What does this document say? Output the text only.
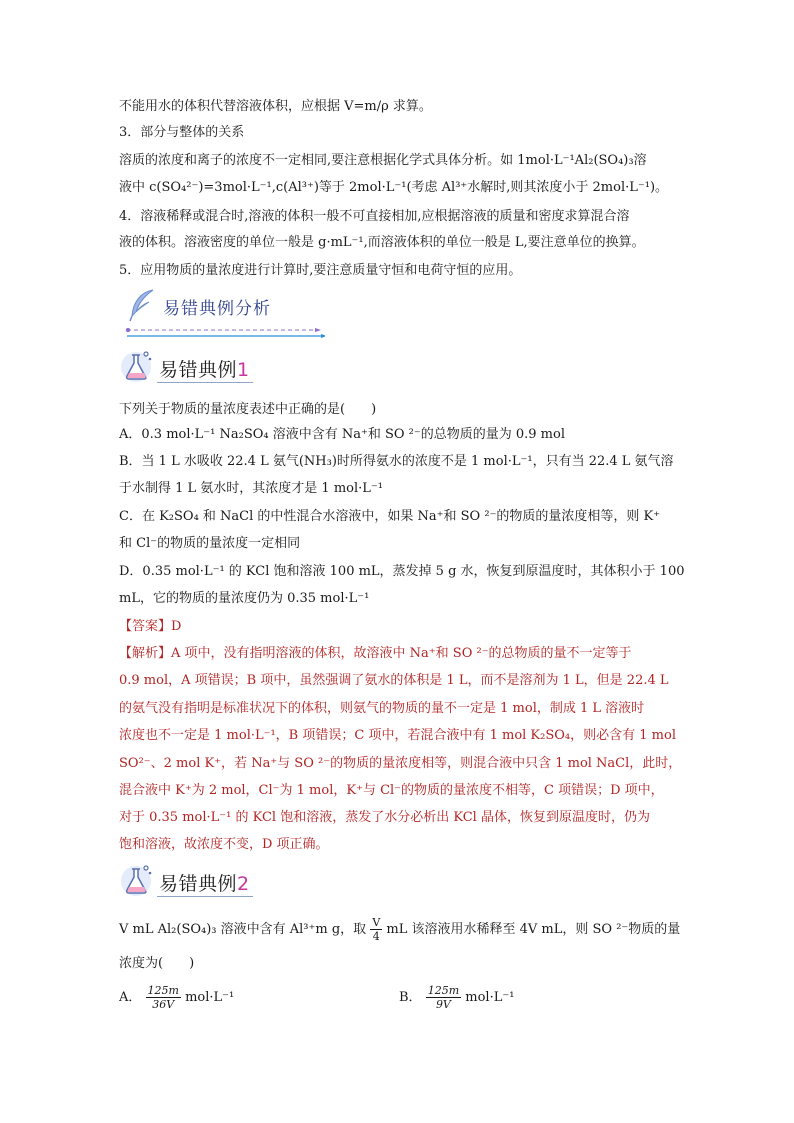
不能用水的体积代替溶液体积，应根据 V=m/ρ 求算。
3．部分与整体的关系
溶质的浓度和离子的浓度不一定相同,要注意根据化学式具体分析。如 1mol·L⁻¹Al₂(SO₄)₃溶
液中 c(SO₄²⁻)=3mol·L⁻¹,c(Al³⁺)等于 2mol·L⁻¹(考虑 Al³⁺水解时,则其浓度小于 2mol·L⁻¹)。
4．溶液稀释或混合时,溶液的体积一般不可直接相加,应根据溶液的质量和密度求算混合溶
液的体积。溶液密度的单位一般是 g·mL⁻¹,而溶液体积的单位一般是 L,要注意单位的换算。
5．应用物质的量浓度进行计算时,要注意质量守恒和电荷守恒的应用。
易错典例分析
易错典例1
下列关于物质的量浓度表述中正确的是(　　)
A．0.3 mol·L⁻¹ Na₂SO₄ 溶液中含有 Na⁺和 SO ²⁻的总物质的量为 0.9 mol
B．当 1 L 水吸收 22.4 L 氨气(NH₃)时所得氨水的浓度不是 1 mol·L⁻¹，只有当 22.4 L 氨气溶
于水制得 1 L 氨水时，其浓度才是 1 mol·L⁻¹
C．在 K₂SO₄ 和 NaCl 的中性混合水溶液中，如果 Na⁺和 SO ²⁻的物质的量浓度相等，则 K⁺
和 Cl⁻的物质的量浓度一定相同
D．0.35 mol·L⁻¹ 的 KCl 饱和溶液 100 mL，蒸发掉 5 g 水，恢复到原温度时，其体积小于 100
mL，它的物质的量浓度仍为 0.35 mol·L⁻¹
【答案】D
【解析】A 项中，没有指明溶液的体积，故溶液中 Na⁺和 SO ²⁻的总物质的量不一定等于
0.9 mol，A 项错误；B 项中，虽然强调了氨水的体积是 1 L，而不是溶剂为 1 L，但是 22.4 L
的氨气没有指明是标准状况下的体积，则氨气的物质的量不一定是 1 mol，制成 1 L 溶液时
浓度也不一定是 1 mol·L⁻¹，B 项错误；C 项中，若混合液中有 1 mol K₂SO₄，则必含有 1 mol
SO²⁻、2 mol K⁺，若 Na⁺与 SO ²⁻的物质的量浓度相等，则混合液中只含 1 mol NaCl，此时，
混合液中 K⁺为 2 mol，Cl⁻为 1 mol，K⁺与 Cl⁻的物质的量浓度不相等，C 项错误；D 项中，
对于 0.35 mol·L⁻¹ 的 KCl 饱和溶液，蒸发了水分必析出 KCl 晶体，恢复到原温度时，仍为
饱和溶液，故浓度不变，D 项正确。
易错典例2
V mL Al₂(SO₄)₃ 溶液中含有 Al³⁺m g，取 $\frac{V}{4}$ mL 该溶液用水稀释至 4V mL，则 SO ²⁻物质的量
浓度为(　　)
A． $\frac{125m}{36V} mol\cdot L^{-1}$	B． $\frac{125m}{9V} mol\cdot L^{-1}$
